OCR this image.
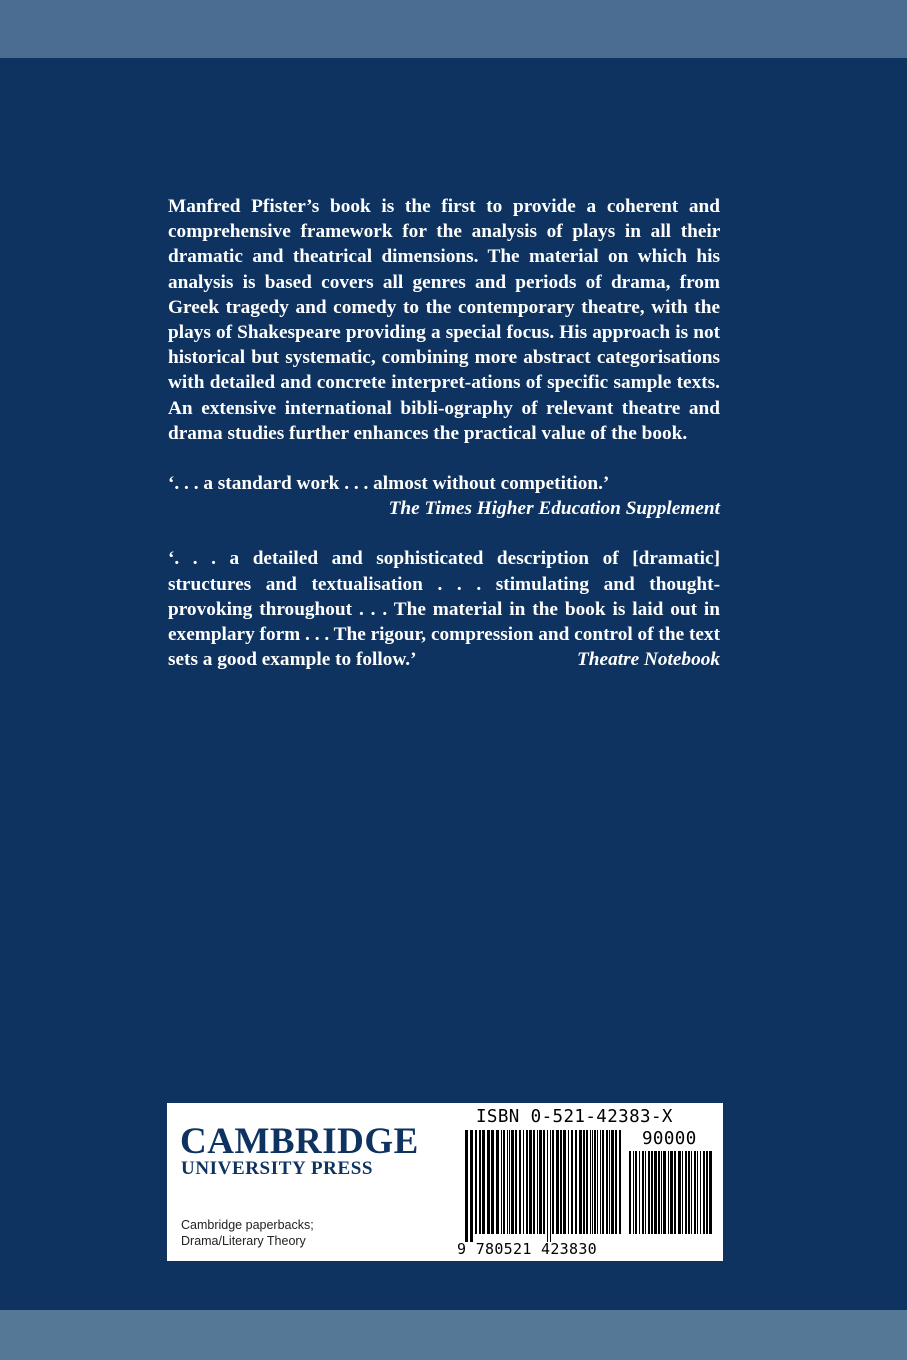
Manfred Pfister’s book is the first to provide a coherent and comprehensive framework for the analysis of plays in all their dramatic and theatrical dimensions. The material on which his analysis is based covers all genres and periods of drama, from Greek tragedy and comedy to the contemporary theatre, with the plays of Shakespeare providing a special focus. His approach is not historical but systematic, combining more abstract categorisations with detailed and concrete interpret-ations of specific sample texts. An extensive international bibli-ography of relevant theatre and drama studies further enhances the practical value of the book.

‘. . . a standard work . . . almost without competition.’
The Times Higher Education Supplement

‘. . . a detailed and sophisticated description of [dramatic] structures and textualisation . . . stimulating and thought- provoking throughout . . . The material in the book is laid out in exemplary form . . . The rigour, compression and control of the text sets a good example to follow.’	Theatre Notebook

CAMBRIDGE
UNIVERSITY PRESS
Cambridge paperbacks;
Drama/Literary Theory
ISBN 0-521-42383-X
90000
9 780521 423830
